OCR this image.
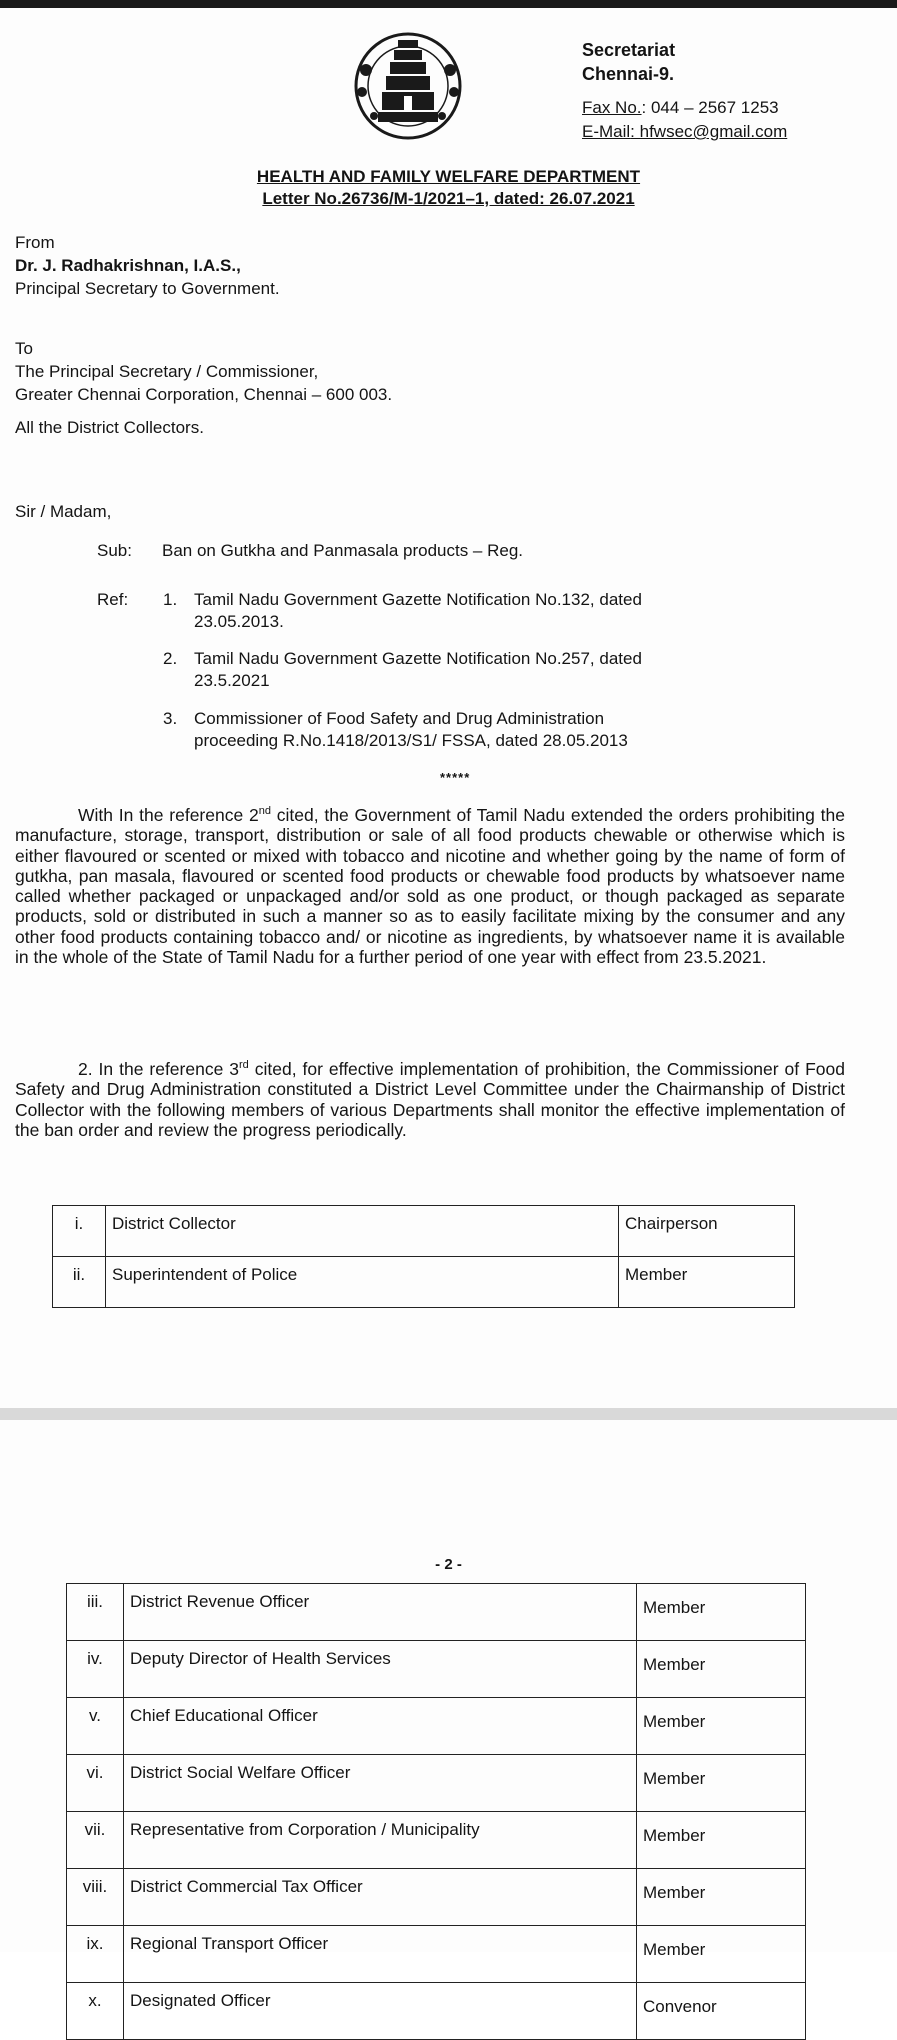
Secretariat
Chennai-9.
Fax No.: 044 – 2567 1253
E-Mail: hfwsec@gmail.com
HEALTH AND FAMILY WELFARE DEPARTMENT
Letter No.26736/M-1/2021–1, dated: 26.07.2021
From
Dr. J. Radhakrishnan, I.A.S.,
Principal Secretary to Government.
To
The Principal Secretary / Commissioner,
Greater Chennai Corporation, Chennai – 600 003.
All the District Collectors.
Sir / Madam,
Sub: Ban on Gutkha and Panmasala products – Reg.
Ref: 1. Tamil Nadu Government Gazette Notification No.132, dated
23.05.2013.
2. Tamil Nadu Government Gazette Notification No.257, dated
23.5.2021
3. Commissioner of Food Safety and Drug Administration
proceeding R.No.1418/2013/S1/ FSSA, dated 28.05.2013
*****
With In the reference 2nd cited, the Government of Tamil Nadu extended the orders prohibiting the manufacture, storage, transport, distribution or sale of all food products chewable or otherwise which is either flavoured or scented or mixed with tobacco and nicotine and whether going by the name of form of gutkha, pan masala, flavoured or scented food products or chewable food products by whatsoever name called whether packaged or unpackaged and/or sold as one product, or though packaged as separate products, sold or distributed in such a manner so as to easily facilitate mixing by the consumer and any other food products containing tobacco and/ or nicotine as ingredients, by whatsoever name it is available in the whole of the State of Tamil Nadu for a further period of one year with effect from 23.5.2021.
2. In the reference 3rd cited, for effective implementation of prohibition, the Commissioner of Food Safety and Drug Administration constituted a District Level Committee under the Chairmanship of District Collector with the following members of various Departments shall monitor the effective implementation of the ban order and review the progress periodically.
i.	District Collector	Chairperson
ii.	Superintendent of Police	Member
- 2 -
iii.	District Revenue Officer	Member
iv.	Deputy Director of Health Services	Member
v.	Chief Educational Officer	Member
vi.	District Social Welfare Officer	Member
vii.	Representative from Corporation / Municipality	Member
viii.	District Commercial Tax Officer	Member
ix.	Regional Transport Officer	Member
x.	Designated Officer	Convenor
